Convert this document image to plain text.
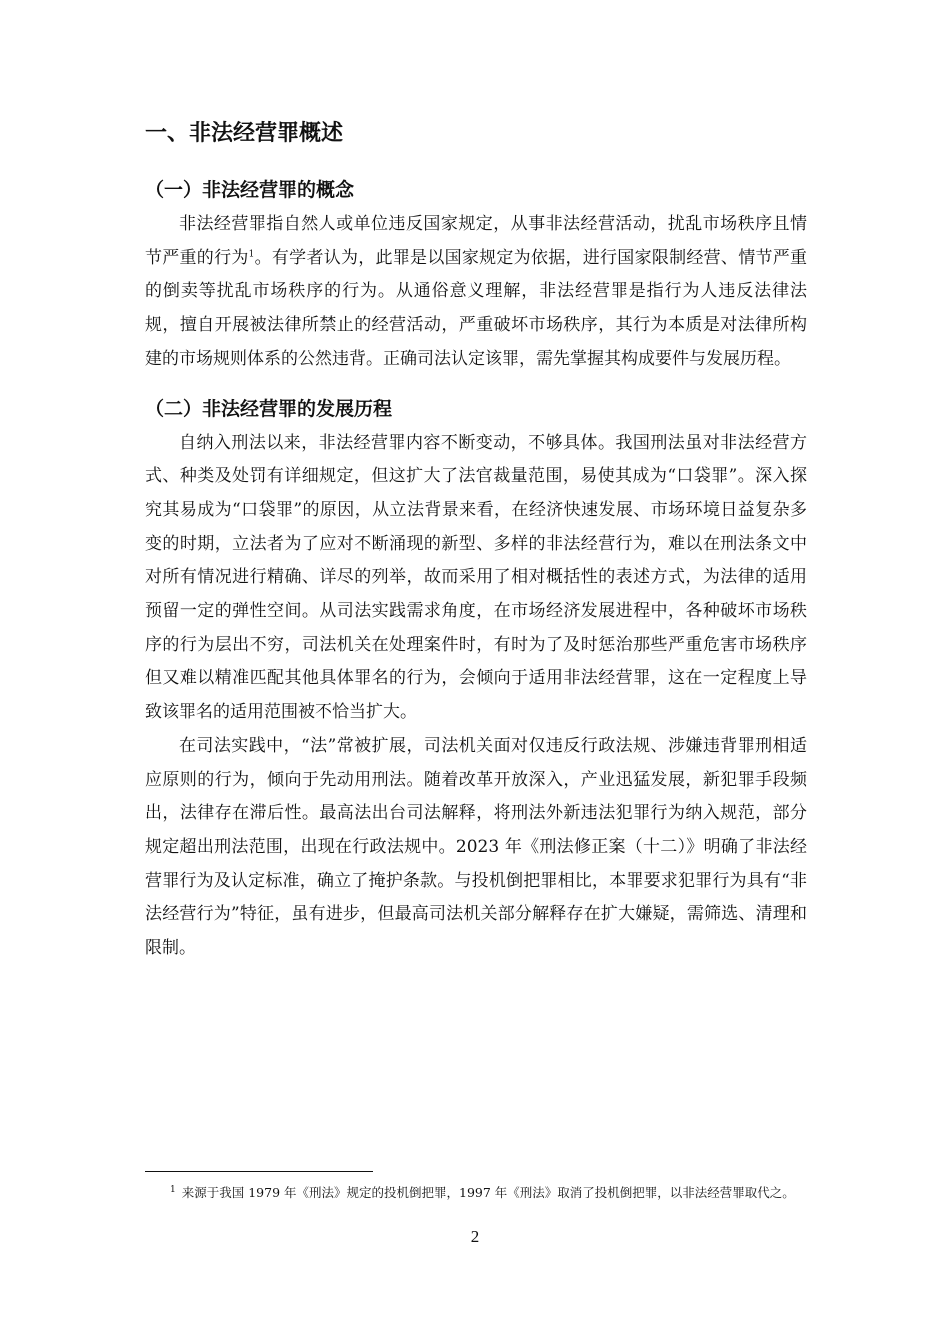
一、非法经营罪概述
（一）非法经营罪的概念

非法经营罪指自然人或单位违反国家规定，从事非法经营活动，扰乱市场秩序且情节严重的行为$^1$。有学者认为，此罪是以国家规定为依据，进行国家限制经营、情节严重的倒卖等扰乱市场秩序的行为。从通俗意义理解，非法经营罪是指行为人违反法律法规，擅自开展被法律所禁止的经营活动，严重破坏市场秩序，其行为本质是对法律所构建的市场规则体系的公然违背。正确司法认定该罪，需先掌握其构成要件与发展历程。

（二）非法经营罪的发展历程

自纳入刑法以来，非法经营罪内容不断变动，不够具体。我国刑法虽对非法经营方式、种类及处罚有详细规定，但这扩大了法官裁量范围，易使其成为“口袋罪”。深入探究其易成为“口袋罪”的原因，从立法背景来看，在经济快速发展、市场环境日益复杂多变的时期，立法者为了应对不断涌现的新型、多样的非法经营行为，难以在刑法条文中对所有情况进行精确、详尽的列举，故而采用了相对概括性的表述方式，为法律的适用预留一定的弹性空间。从司法实践需求角度，在市场经济发展进程中，各种破坏市场秩序的行为层出不穷，司法机关在处理案件时，有时为了及时惩治那些严重危害市场秩序但又难以精准匹配其他具体罪名的行为，会倾向于适用非法经营罪，这在一定程度上导致该罪名的适用范围被不恰当扩大。

在司法实践中，“法”常被扩展，司法机关面对仅违反行政法规、涉嫌违背罪刑相适应原则的行为，倾向于先动用刑法。随着改革开放深入，产业迅猛发展，新犯罪手段频出，法律存在滞后性。最高法出台司法解释，将刑法外新违法犯罪行为纳入规范，部分规定超出刑法范围，出现在行政法规中。2023 年《刑法修正案（十二）》明确了非法经营罪行为及认定标准，确立了掩护条款。与投机倒把罪相比，本罪要求犯罪行为具有“非法经营行为”特征，虽有进步，但最高司法机关部分解释存在扩大嫌疑，需筛选、清理和限制。

$^1$ 来源于我国 1979 年《刑法》规定的投机倒把罪，1997 年《刑法》取消了投机倒把罪，以非法经营罪取代之。

2
